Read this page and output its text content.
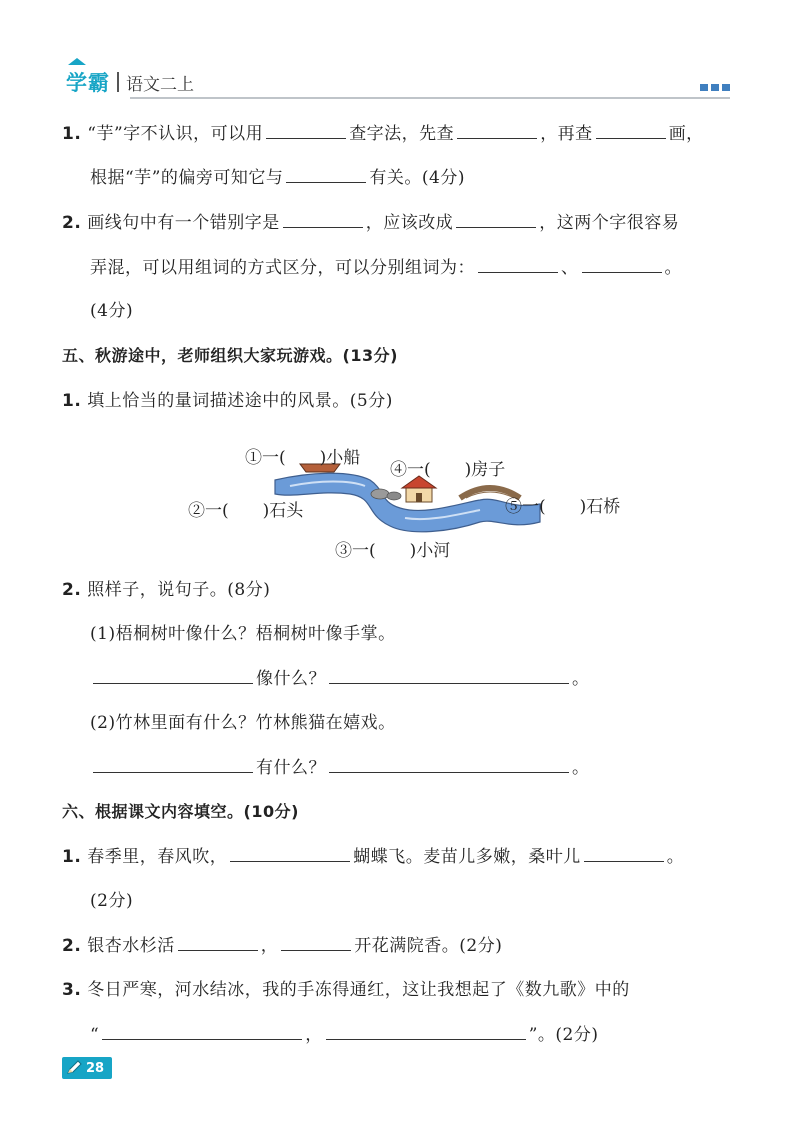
学霸 语文二上
1. “芋”字不认识，可以用	查字法，先查	，再查	画，
根据“芋”的偏旁可知它与	有关。(4分)
2. 画线句中有一个错别字是	，应该改成	，这两个字很容易
弄混，可以用组词的方式区分，可以分别组词为：	、	。
(4分)
五、秋游途中，老师组织大家玩游戏。(13分)
1. 填上恰当的量词描述途中的风景。(5分)
①一(　　)小船
④一(　　)房子
②一(　　)石头	⑤一(　　)石桥
③一(　　)小河
2. 照样子，说句子。(8分)
(1)梧桐树叶像什么？梧桐树叶像手掌。
像什么？	。
(2)竹林里面有什么？竹林熊猫在嬉戏。
有什么？	。
六、根据课文内容填空。(10分)
1. 春季里，春风吹，	蝴蝶飞。麦苗儿多嫩，桑叶儿	。
(2分)
2. 银杏水杉活	，	开花满院香。(2分)
3. 冬日严寒，河水结冰，我的手冻得通红，这让我想起了《数九歌》中的
“	，	”。(2分)
28
